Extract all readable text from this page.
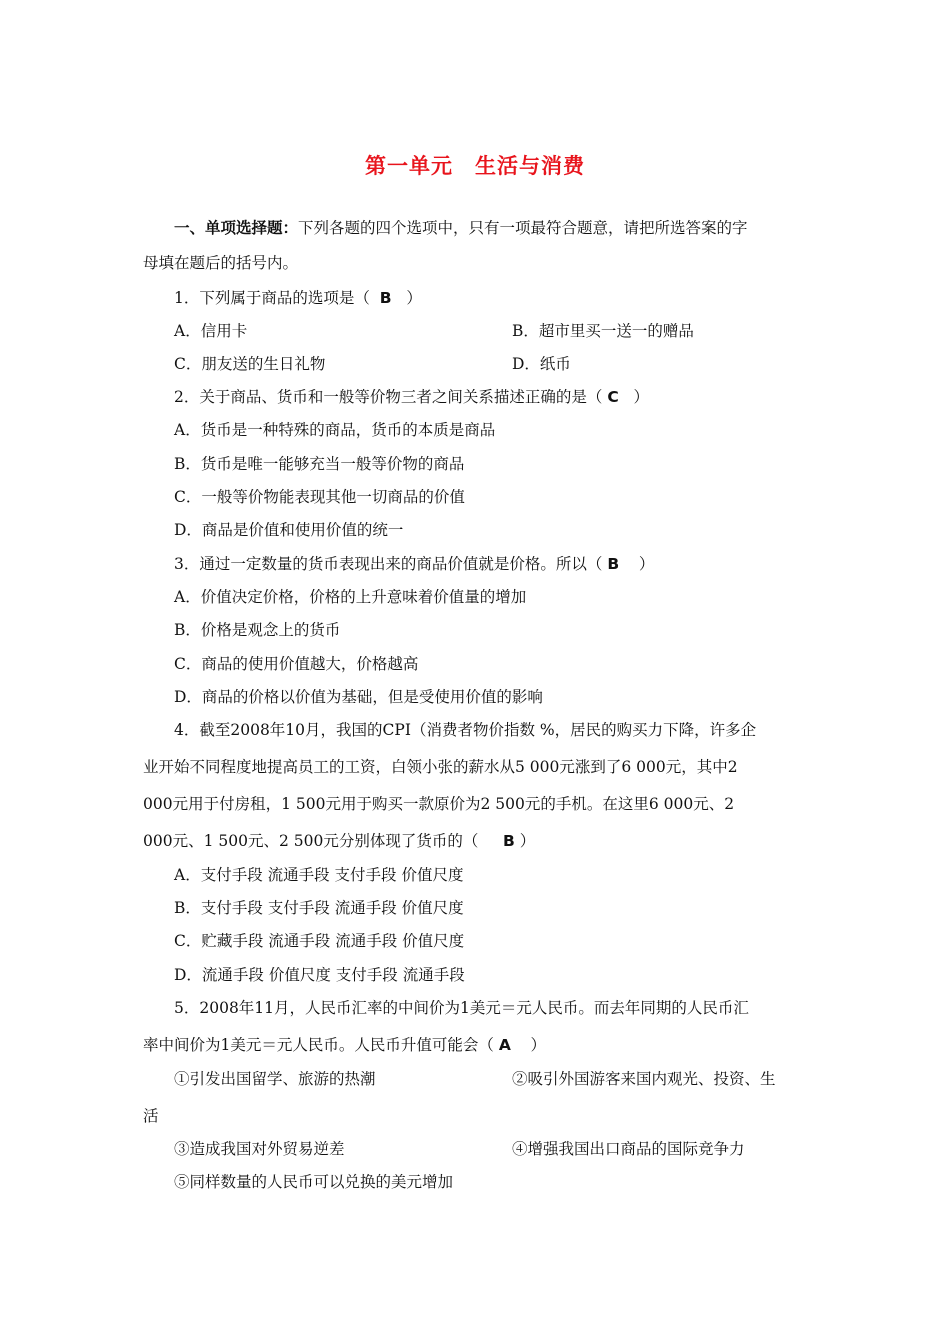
第一单元　生活与消费
一、单项选择题：下列各题的四个选项中，只有一项最符合题意，请把所选答案的字
母填在题后的括号内。
1．下列属于商品的选项是（ B ）
A．信用卡	B．超市里买一送一的赠品
C．朋友送的生日礼物	D．纸币
2．关于商品、货币和一般等价物三者之间关系描述正确的是（ C ）
A．货币是一种特殊的商品，货币的本质是商品
B．货币是唯一能够充当一般等价物的商品
C．一般等价物能表现其他一切商品的价值
D．商品是价值和使用价值的统一
3．通过一定数量的货币表现出来的商品价值就是价格。所以（ B ）
A．价值决定价格，价格的上升意味着价值量的增加
B．价格是观念上的货币
C．商品的使用价值越大，价格越高
D．商品的价格以价值为基础，但是受使用价值的影响
4．截至2008年10月，我国的CPI（消费者物价指数 %，居民的购买力下降，许多企
业开始不同程度地提高员工的工资，白领小张的薪水从5 000元涨到了6 000元，其中2
000元用于付房租，1 500元用于购买一款原价为2 500元的手机。在这里6 000元、2
000元、1 500元、2 500元分别体现了货币的（ B ）
A．支付手段 流通手段 支付手段 价值尺度
B．支付手段 支付手段 流通手段 价值尺度
C．贮藏手段 流通手段 流通手段 价值尺度
D．流通手段 价值尺度 支付手段 流通手段
5．2008年11月，人民币汇率的中间价为1美元＝元人民币。而去年同期的人民币汇
率中间价为1美元＝元人民币。人民币升值可能会（ A ）
①引发出国留学、旅游的热潮	②吸引外国游客来国内观光、投资、生
活
③造成我国对外贸易逆差	④增强我国出口商品的国际竞争力
⑤同样数量的人民币可以兑换的美元增加
